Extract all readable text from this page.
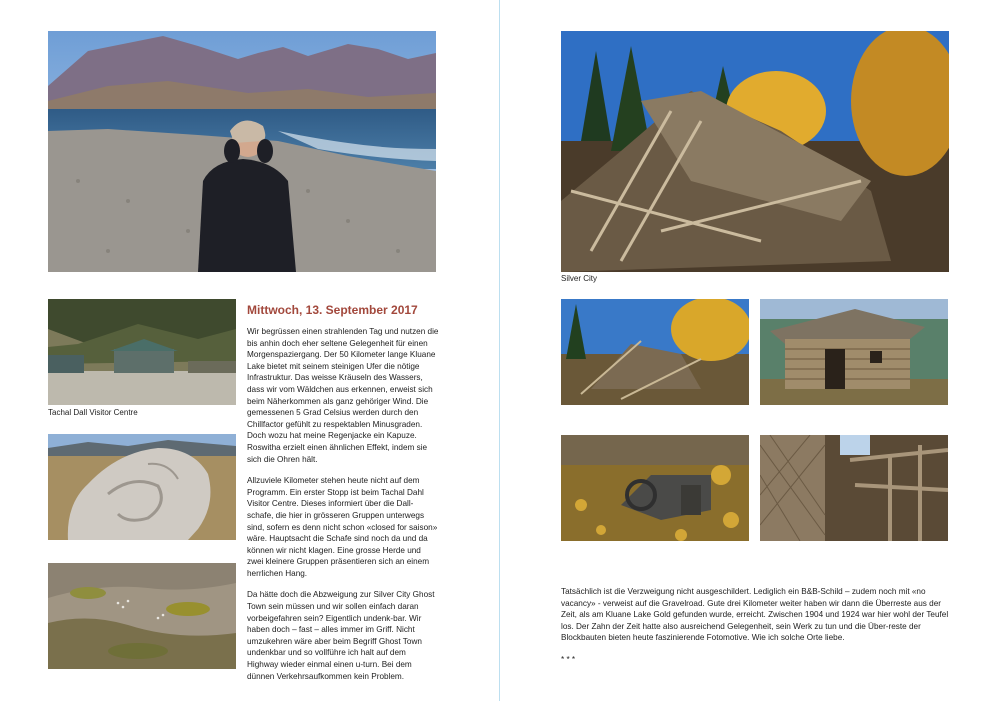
Tachal Dall Visitor Centre
Mittwoch, 13. September 2017

Wir begrüssen einen strahlenden Tag und nutzen die bis anhin doch eher seltene Gelegenheit für einen Morgenspaziergang. Der 50 Kilometer lange Kluane Lake bietet mit seinem steinigen Ufer die nötige Infrastruktur. Das weisse Kräuseln des Wassers, dass wir vom Wäldchen aus erkennen, erweist sich beim Näherkommen als ganz gehöriger Wind. Die gemessenen 5 Grad Celsius werden durch den Chillfactor gefühlt zu respektablen Minusgraden. Doch wozu hat meine Regenjacke ein Kapuze. Roswitha erzielt einen ähnlichen Effekt, indem sie sich die Ohren hält.

Allzuviele Kilometer stehen heute nicht auf dem Programm. Ein erster Stopp ist beim Tachal Dahl Visitor Centre. Dieses informiert über die Dall-schafe, die hier in grösseren Gruppen unterwegs sind, sofern es denn nicht schon «closed for saison» wäre. Hauptsacht die Schafe sind noch da und da können wir nicht klagen. Eine grosse Herde und zwei kleinere Gruppen präsentieren sich an einem herrlichen Hang.

Da hätte doch die Abzweigung zur Silver City Ghost Town sein müssen und wir sollen einfach daran vorbeigefahren sein? Eigentlich undenk-bar. Wir haben doch – fast – alles immer im Griff. Nicht umzukehren wäre aber beim Begriff Ghost Town undenkbar und so vollführe ich halt auf dem Highway wieder einmal einen u-turn. Bei dem dünnen Verkehrsaufkommen kein Problem.

Silver City

Tatsächlich ist die Verzweigung nicht ausgeschildert. Lediglich ein B&B-Schild – zudem noch mit «no vacancy» - verweist auf die Gravelroad. Gute drei Kilometer weiter haben wir dann die Überreste aus der Zeit, als am Kluane Lake Gold gefunden wurde, erreicht. Zwischen 1904 und 1924 war hier wohl der Teufel los. Der Zahn der Zeit hatte also ausreichend Gelegenheit, sein Werk zu tun und die Über-reste der Blockbauten bieten heute faszinierende Fotomotive. Wie ich solche Orte liebe.

* * *
